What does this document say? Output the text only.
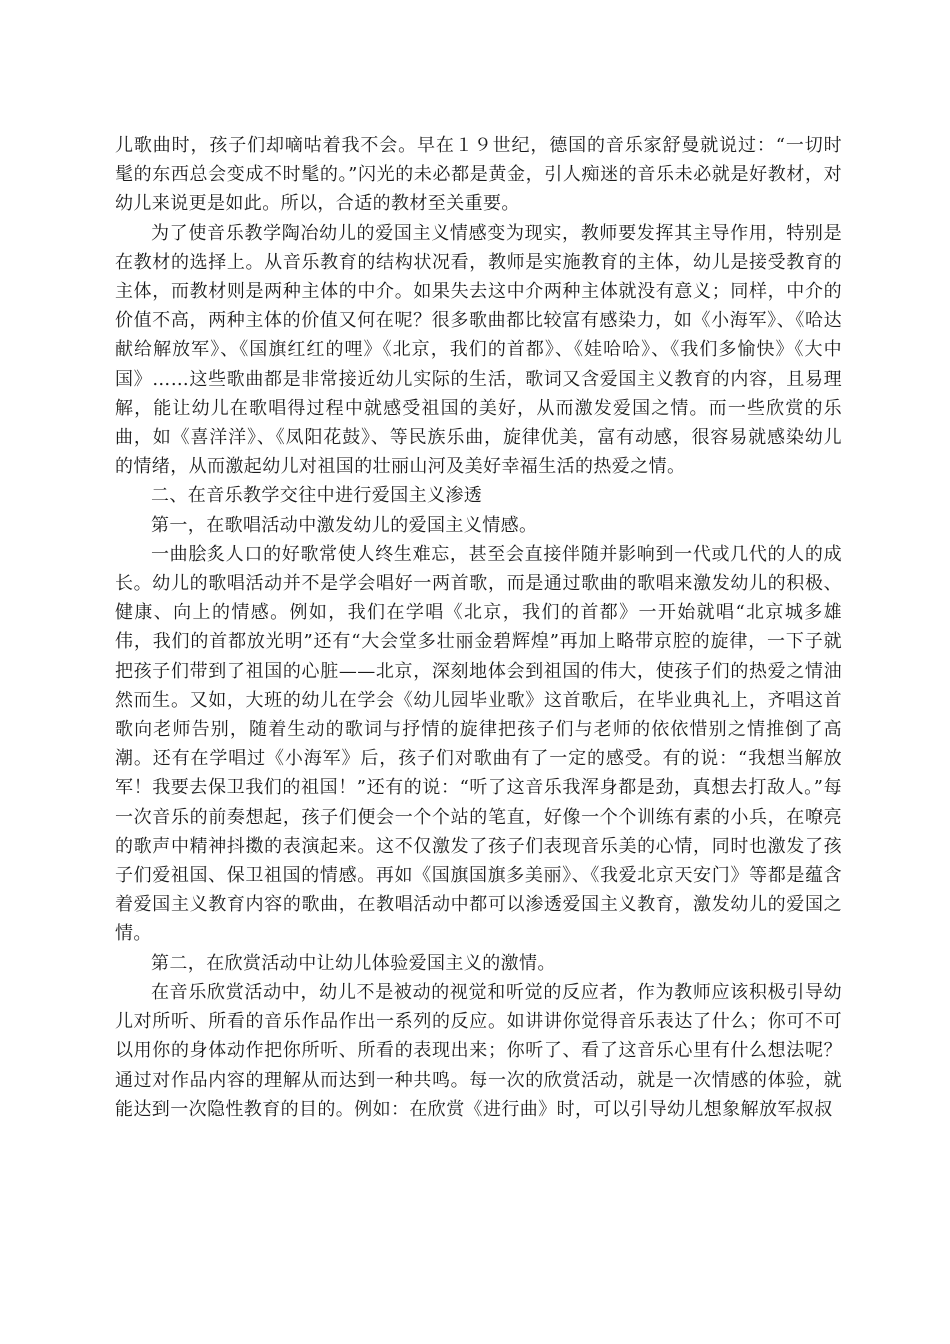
儿歌曲时，孩子们却嘀咕着我不会。早在１９世纪，德国的音乐家舒曼就说过：“一切时髦的东西总会变成不时髦的。”闪光的未必都是黄金，引人痴迷的音乐未必就是好教材，对幼儿来说更是如此。所以，合适的教材至关重要。

为了使音乐教学陶冶幼儿的爱国主义情感变为现实，教师要发挥其主导作用，特别是在教材的选择上。从音乐教育的结构状况看，教师是实施教育的主体，幼儿是接受教育的主体，而教材则是两种主体的中介。如果失去这中介两种主体就没有意义；同样，中介的价值不高，两种主体的价值又何在呢？很多歌曲都比较富有感染力，如《小海军》、《哈达献给解放军》、《国旗红红的哩》《北京，我们的首都》、《娃哈哈》、《我们多愉快》《大中国》……这些歌曲都是非常接近幼儿实际的生活，歌词又含爱国主义教育的内容，且易理解，能让幼儿在歌唱得过程中就感受祖国的美好，从而激发爱国之情。而一些欣赏的乐曲，如《喜洋洋》、《凤阳花鼓》、等民族乐曲，旋律优美，富有动感，很容易就感染幼儿的情绪，从而激起幼儿对祖国的壮丽山河及美好幸福生活的热爱之情。

二、在音乐教学交往中进行爱国主义渗透

第一，在歌唱活动中激发幼儿的爱国主义情感。

一曲脍炙人口的好歌常使人终生难忘，甚至会直接伴随并影响到一代或几代的人的成长。幼儿的歌唱活动并不是学会唱好一两首歌，而是通过歌曲的歌唱来激发幼儿的积极、健康、向上的情感。例如，我们在学唱《北京，我们的首都》一开始就唱“北京城多雄伟，我们的首都放光明”还有“大会堂多壮丽金碧辉煌”再加上略带京腔的旋律，一下子就把孩子们带到了祖国的心脏——北京，深刻地体会到祖国的伟大，使孩子们的热爱之情油然而生。又如，大班的幼儿在学会《幼儿园毕业歌》这首歌后，在毕业典礼上，齐唱这首歌向老师告别，随着生动的歌词与抒情的旋律把孩子们与老师的依依惜别之情推倒了高潮。还有在学唱过《小海军》后，孩子们对歌曲有了一定的感受。有的说：“我想当解放军！我要去保卫我们的祖国！”还有的说：“听了这音乐我浑身都是劲，真想去打敌人。”每一次音乐的前奏想起，孩子们便会一个个站的笔直，好像一个个训练有素的小兵，在嘹亮的歌声中精神抖擞的表演起来。这不仅激发了孩子们表现音乐美的心情，同时也激发了孩子们爱祖国、保卫祖国的情感。再如《国旗国旗多美丽》、《我爱北京天安门》等都是蕴含着爱国主义教育内容的歌曲，在教唱活动中都可以渗透爱国主义教育，激发幼儿的爱国之情。

第二，在欣赏活动中让幼儿体验爱国主义的激情。

在音乐欣赏活动中，幼儿不是被动的视觉和听觉的反应者，作为教师应该积极引导幼儿对所听、所看的音乐作品作出一系列的反应。如讲讲你觉得音乐表达了什么；你可不可以用你的身体动作把你所听、所看的表现出来；你听了、看了这音乐心里有什么想法呢？通过对作品内容的理解从而达到一种共鸣。每一次的欣赏活动，就是一次情感的体验，就能达到一次隐性教育的目的。例如：在欣赏《进行曲》时，可以引导幼儿想象解放军叔叔
